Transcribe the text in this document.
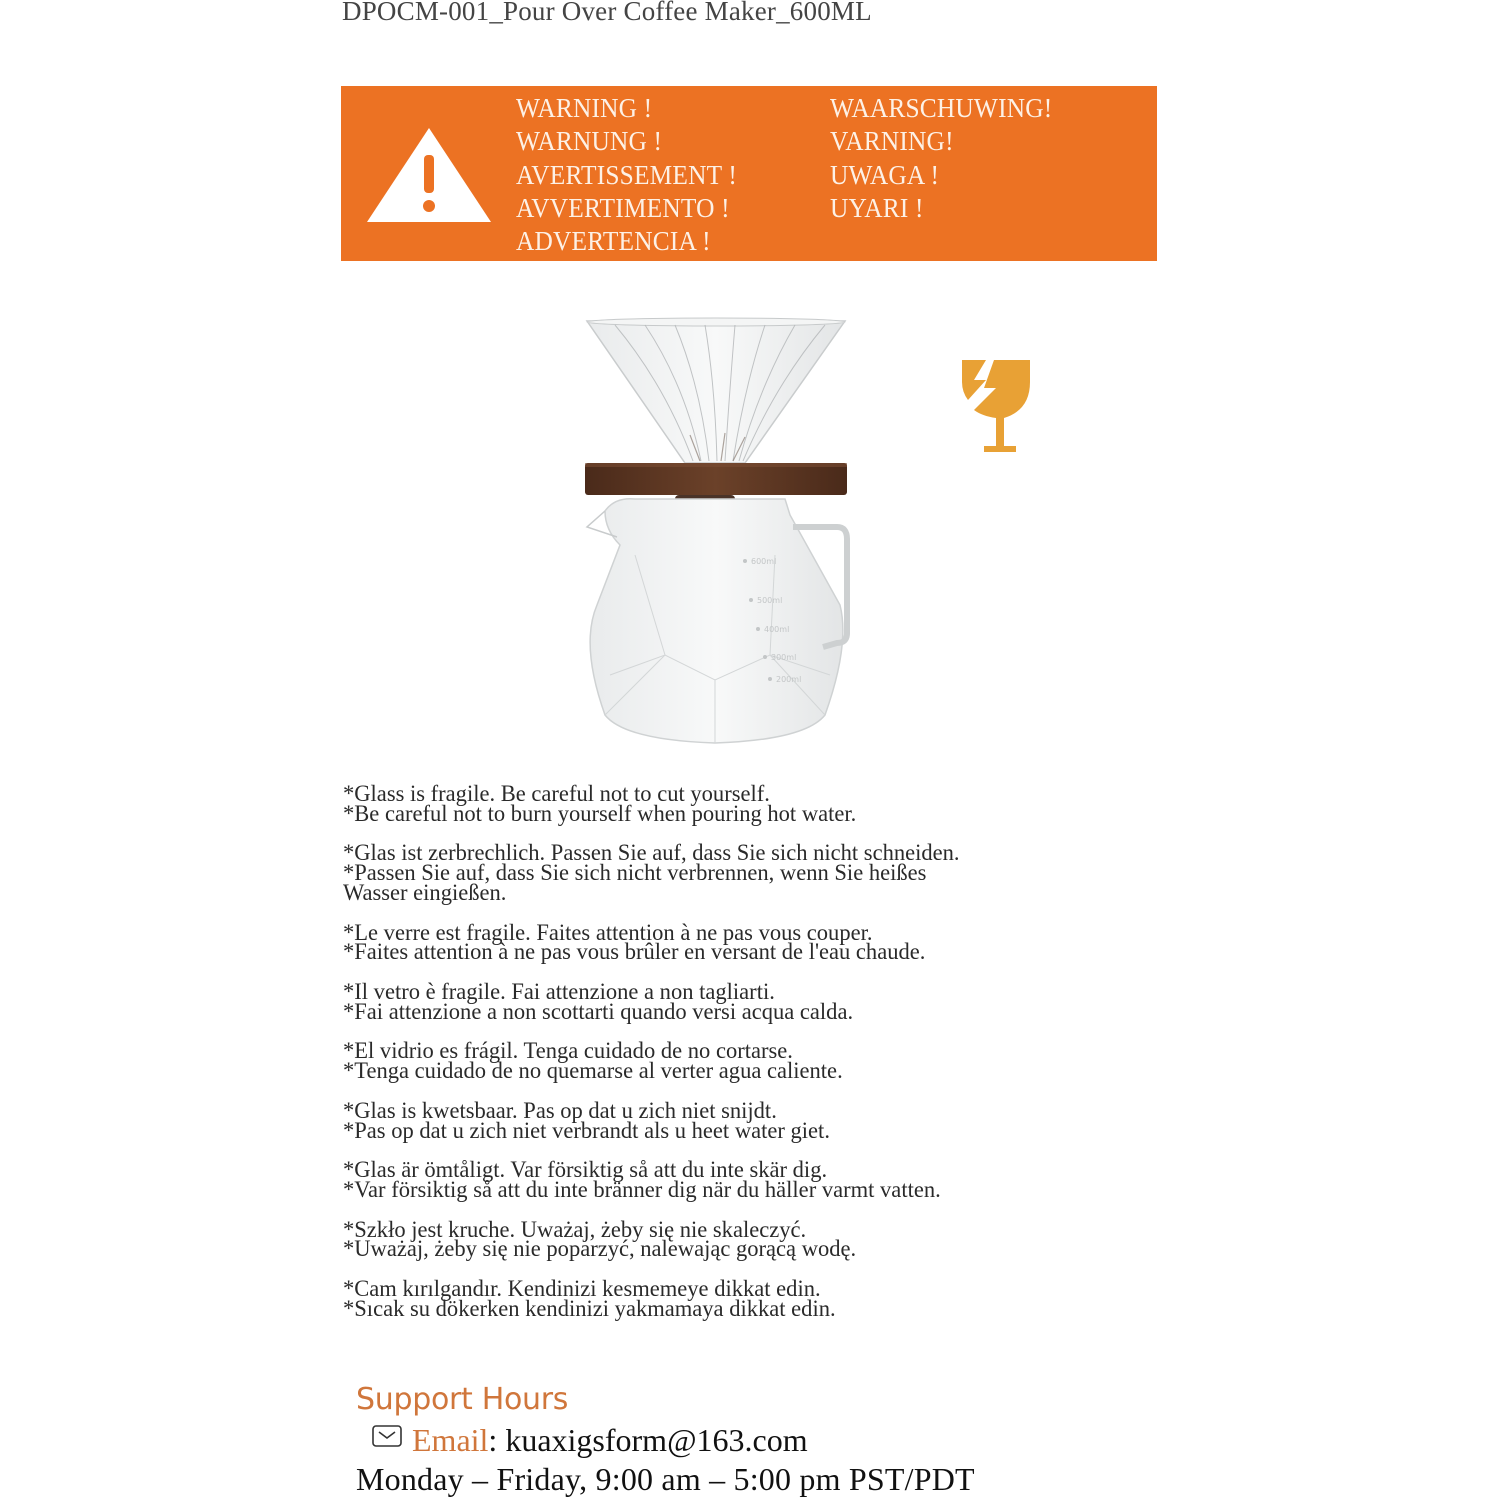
DPOCM-001_Pour Over Coffee Maker_600ML
WARNING !
WARNUNG !
AVERTISSEMENT !
AVVERTIMENTO !
ADVERTENCIA !
WAARSCHUWING!
VARNING!
UWAGA !
UYARI !
600ml
500ml
400ml
300ml
200ml
*Glass is fragile. Be careful not to cut yourself.
*Be careful not to burn yourself when pouring hot water.
*Glas ist zerbrechlich. Passen Sie auf, dass Sie sich nicht schneiden.
*Passen Sie auf, dass Sie sich nicht verbrennen, wenn Sie heißes
Wasser eingießen.
*Le verre est fragile. Faites attention à ne pas vous couper.
*Faites attention à ne pas vous brûler en versant de l'eau chaude.
*Il vetro è fragile. Fai attenzione a non tagliarti.
*Fai attenzione a non scottarti quando versi acqua calda.
*El vidrio es frágil. Tenga cuidado de no cortarse.
*Tenga cuidado de no quemarse al verter agua caliente.
*Glas is kwetsbaar. Pas op dat u zich niet snijdt.
*Pas op dat u zich niet verbrandt als u heet water giet.
*Glas är ömtåligt. Var försiktig så att du inte skär dig.
*Var försiktig så att du inte bränner dig när du häller varmt vatten.
*Szkło jest kruche. Uważaj, żeby się nie skaleczyć.
*Uważaj, żeby się nie poparzyć, nalewając gorącą wodę.
*Cam kırılgandır. Kendinizi kesmemeye dikkat edin.
*Sıcak su dökerken kendinizi yakmamaya dikkat edin.
Support Hours
Email: kuaxigsform@163.com
Monday – Friday, 9:00 am – 5:00 pm PST/PDT
